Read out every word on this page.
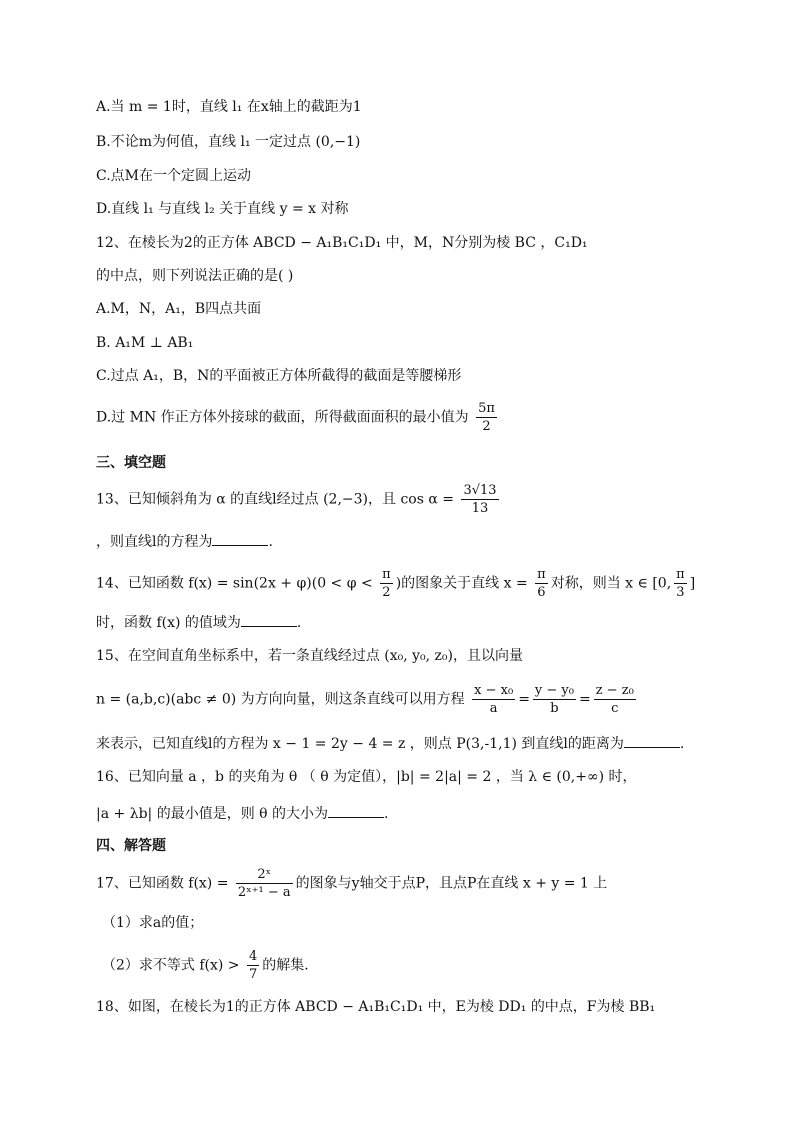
A.当 m = 1时，直线 l₁ 在x轴上的截距为1
B.不论m为何值，直线 l₁ 一定过点 (0,−1)
C.点M在一个定圆上运动
D.直线 l₁ 与直线 l₂ 关于直线 y = x 对称
12、在棱长为2的正方体 ABCD − A₁B₁C₁D₁ 中，M，N分别为棱 BC ，C₁D₁
的中点，则下列说法正确的是( )
A.M，N，A₁，B四点共面
B. A₁M ⊥ AB₁
C.过点 A₁，B，N的平面被正方体所截得的截面是等腰梯形
D.过 MN 作正方体外接球的截面，所得截面面积的最小值为 $\frac{5\pi}{2}$
三、填空题
13、已知倾斜角为 α 的直线l经过点 (2,−3)，且 $\cos \alpha = \frac{3√13}{13}$
，则直线l的方程为	.
14、已知函数 $f(x) = \sin(2x + \varphi)(0 < \varphi < \frac{\pi}{2}$ )的图象关于直线 $x = \frac{\pi}{6}$ 对称，则当 x ∈ [0, $\frac{\pi}{3}$ ]
时，函数 f(x) 的值域为	.
15、在空间直角坐标系中，若一条直线经过点 (x₀, y₀, z₀)，且以向量
n = (a,b,c)(abc ≠ 0) 为方向向量，则这条直线可以用方程 $\frac{\text{x − x₀}}{a} = \frac{\text{y − y₀}}{b} = \frac{\text{z − z₀}}{c}$
来表示，已知直线l的方程为 x − 1 = 2y − 4 = z ，则点 P(3,-1,1) 到直线l的距离为	.
16、已知向量 a ，b 的夹角为 θ （ θ 为定值），|b| = 2|a| = 2 ，当 λ ∈ (0,+∞) 时，
|a + λb| 的最小值是，则 θ 的大小为	.
四、解答题
17、已知函数 $f(x) = \frac{\text{2ˣ}}{\text{2ˣ⁺¹ − a}}$ 的图象与y轴交于点P，且点P在直线 x + y = 1 上
（1）求a的值；
（2）求不等式 $f(x) > \frac{4}{7}$ 的解集.
18、如图，在棱长为1的正方体 ABCD − A₁B₁C₁D₁ 中，E为棱 DD₁ 的中点，F为棱 BB₁
